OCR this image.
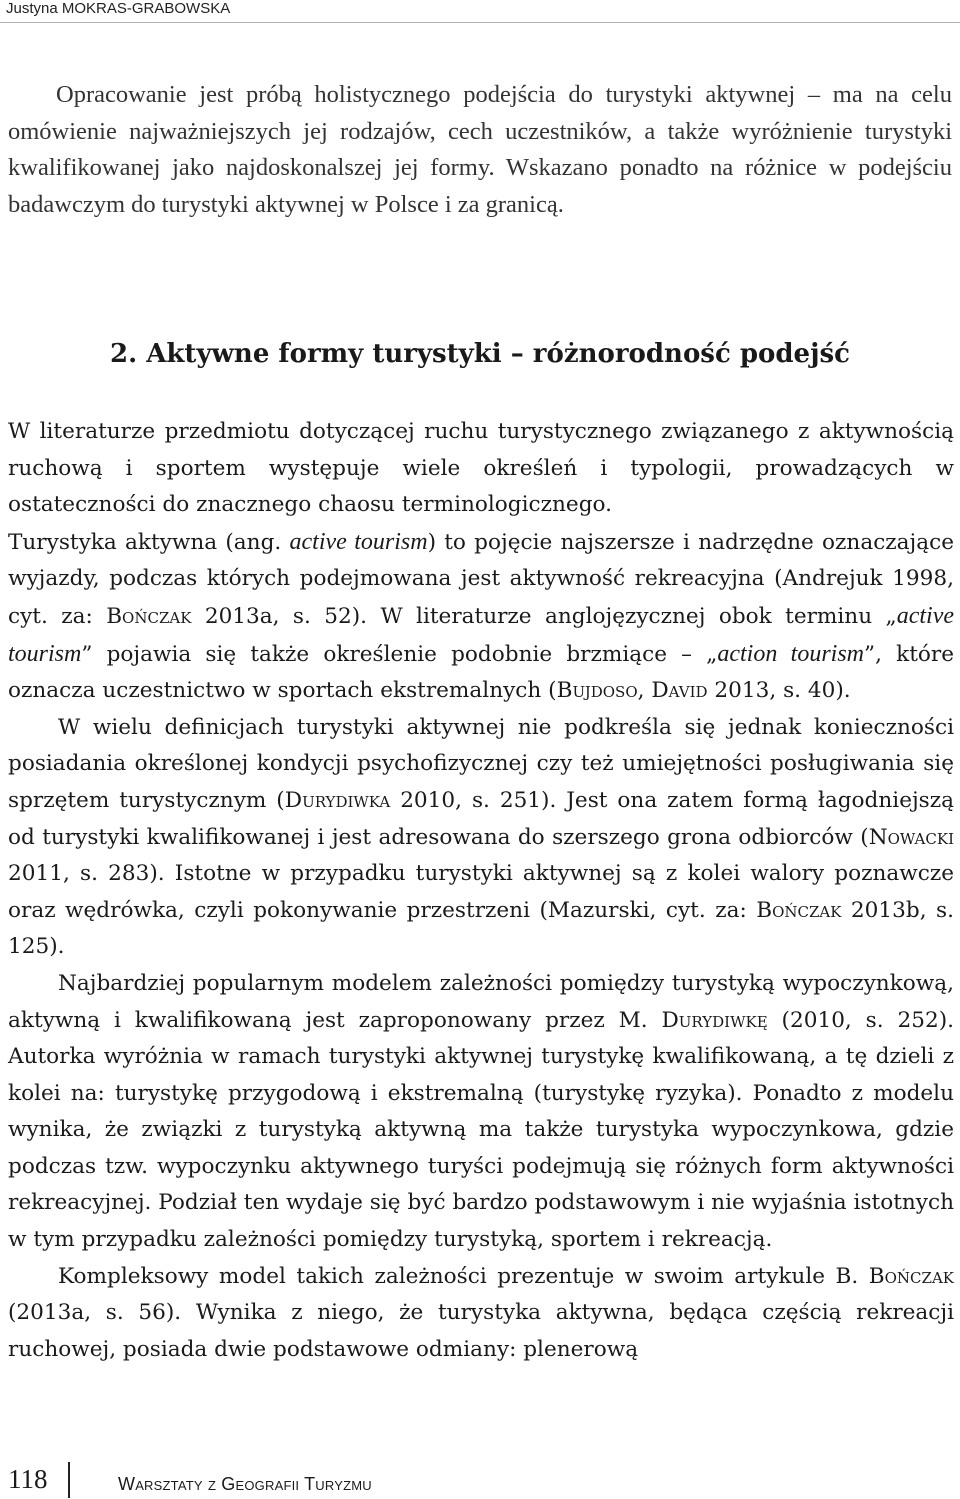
Justyna MOKRAS-GRABOWSKA

Opracowanie jest próbą holistycznego podejścia do turystyki aktywnej – ma na celu omówienie najważniejszych jej rodzajów, cech uczestników, a także wyróżnienie turystyki kwalifikowanej jako najdoskonalszej jej formy. Wskazano ponadto na różnice w podejściu badawczym do turystyki aktywnej w Polsce i za granicą.

2. Aktywne formy turystyki – różnorodność podejść

W literaturze przedmiotu dotyczącej ruchu turystycznego związanego z aktywnością ruchową i sportem występuje wiele określeń i typologii, prowadzących w ostateczności do znacznego chaosu terminologicznego.

Turystyka aktywna (ang. active tourism) to pojęcie najszersze i nadrzędne oznaczające wyjazdy, podczas których podejmowana jest aktywność rekreacyjna (Andrejuk 1998, cyt. za: Bończak 2013a, s. 52). W literaturze anglojęzycznej obok terminu „active tourism” pojawia się także określenie podobnie brzmiące – „action tourism”, które oznacza uczestnictwo w sportach ekstremalnych (Bujdoso, David 2013, s. 40).

W wielu definicjach turystyki aktywnej nie podkreśla się jednak konieczności posiadania określonej kondycji psychofizycznej czy też umiejętności posługiwania się sprzętem turystycznym (Durydiwka 2010, s. 251). Jest ona zatem formą łagodniejszą od turystyki kwalifikowanej i jest adresowana do szerszego grona odbiorców (Nowacki 2011, s. 283). Istotne w przypadku turystyki aktywnej są z kolei walory poznawcze oraz wędrówka, czyli pokonywanie przestrzeni (Mazurski, cyt. za: Bończak 2013b, s. 125).

Najbardziej popularnym modelem zależności pomiędzy turystyką wypoczynkową, aktywną i kwalifikowaną jest zaproponowany przez M. Durydiwkę (2010, s. 252). Autorka wyróżnia w ramach turystyki aktywnej turystykę kwalifikowaną, a tę dzieli z kolei na: turystykę przygodową i ekstremalną (turystykę ryzyka). Ponadto z modelu wynika, że związki z turystyką aktywną ma także turystyka wypoczynkowa, gdzie podczas tzw. wypoczynku aktywnego turyści podejmują się różnych form aktywności rekreacyjnej. Podział ten wydaje się być bardzo podstawowym i nie wyjaśnia istotnych w tym przypadku zależności pomiędzy turystyką, sportem i rekreacją.

Kompleksowy model takich zależności prezentuje w swoim artykule B. Bończak (2013a, s. 56). Wynika z niego, że turystyka aktywna, będąca częścią rekreacji ruchowej, posiada dwie podstawowe odmiany: plenerową

118	Warsztaty z Geografii Turyzmu
